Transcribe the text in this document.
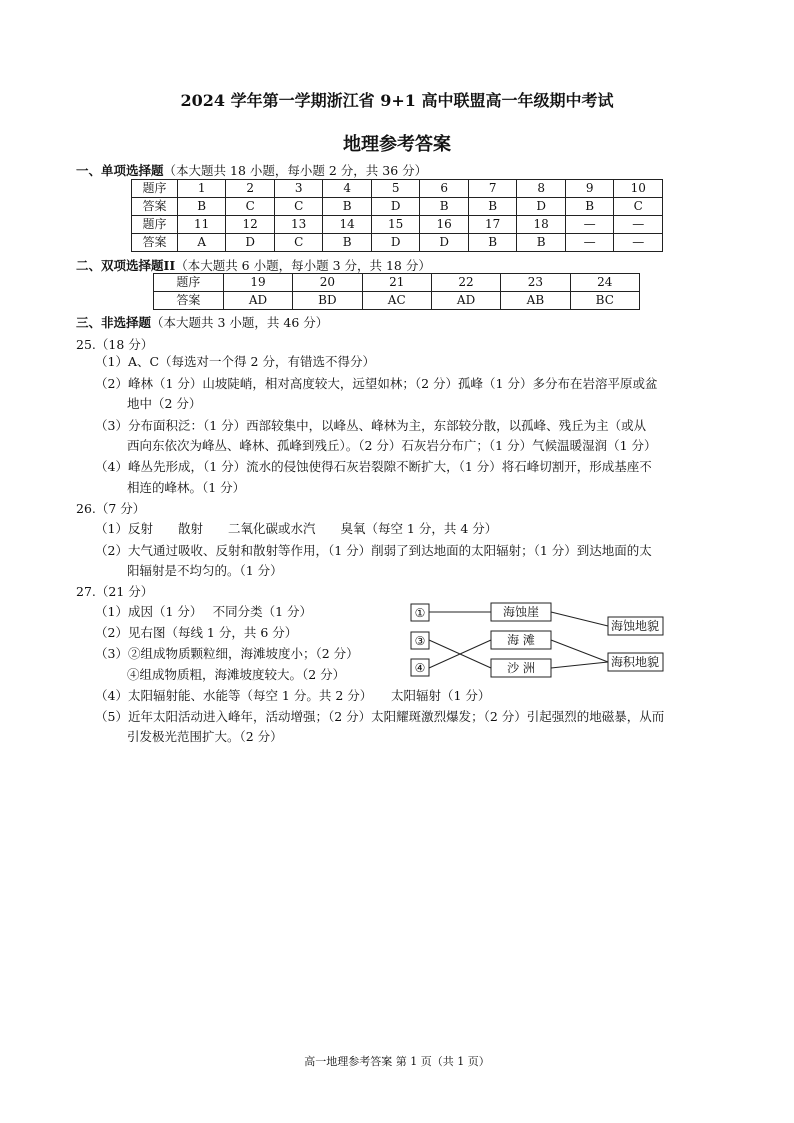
2024 学年第一学期浙江省 9+1 高中联盟高一年级期中考试
地理参考答案
一、单项选择题（本大题共 18 小题，每小题 2 分，共 36 分）
题序	1	2	3	4	5	6	7	8	9	10
答案	B	C	C	B	D	B	B	D	B	C
题序	11	12	13	14	15	16	17	18	—	—
答案	A	D	C	B	D	D	B	B	—	—
二、双项选择题II（本大题共 6 小题，每小题 3 分，共 18 分）
题序	19	20	21	22	23	24
答案	AD	BD	AC	AD	AB	BC
三、非选择题（本大题共 3 小题，共 46 分）
25.（18 分）
（1）A、C（每选对一个得 2 分，有错选不得分）
（2）峰林（1 分）山坡陡峭，相对高度较大，远望如林；（2 分）孤峰（1 分）多分布在岩溶平原或盆
地中（2 分）
（3）分布面积泛：（1 分）西部较集中，以峰丛、峰林为主，东部较分散，以孤峰、残丘为主（或从
西向东依次为峰丛、峰林、孤峰到残丘）。（2 分）石灰岩分布广；（1 分）气候温暖湿润（1 分）
（4）峰丛先形成，（1 分）流水的侵蚀使得石灰岩裂隙不断扩大，（1 分）将石峰切割开，形成基座不
相连的峰林。（1 分）
26.（7 分）
（1）反射　　散射　　二氧化碳或水汽　　臭氧（每空 1 分，共 4 分）
（2）大气通过吸收、反射和散射等作用，（1 分）削弱了到达地面的太阳辐射；（1 分）到达地面的太
阳辐射是不均匀的。（1 分）
27.（21 分）
（1）成因（1 分）　 不同分类（1 分）
（2）见右图（每线 1 分，共 6 分）
（3）②组成物质颗粒细，海滩坡度小；（2 分）
④组成物质粗，海滩坡度较大。（2 分）
（4）太阳辐射能、水能等（每空 1 分。共 2 分）　　太阳辐射（1 分）
（5）近年太阳活动进入峰年，活动增强；（2 分）太阳耀斑激烈爆发；（2 分）引起强烈的地磁暴，从而
引发极光范围扩大。（2 分）
①
③
④
海蚀崖
海 滩
沙 洲
海蚀地貌
海积地貌
高一地理参考答案 第 1 页（共 1 页）
